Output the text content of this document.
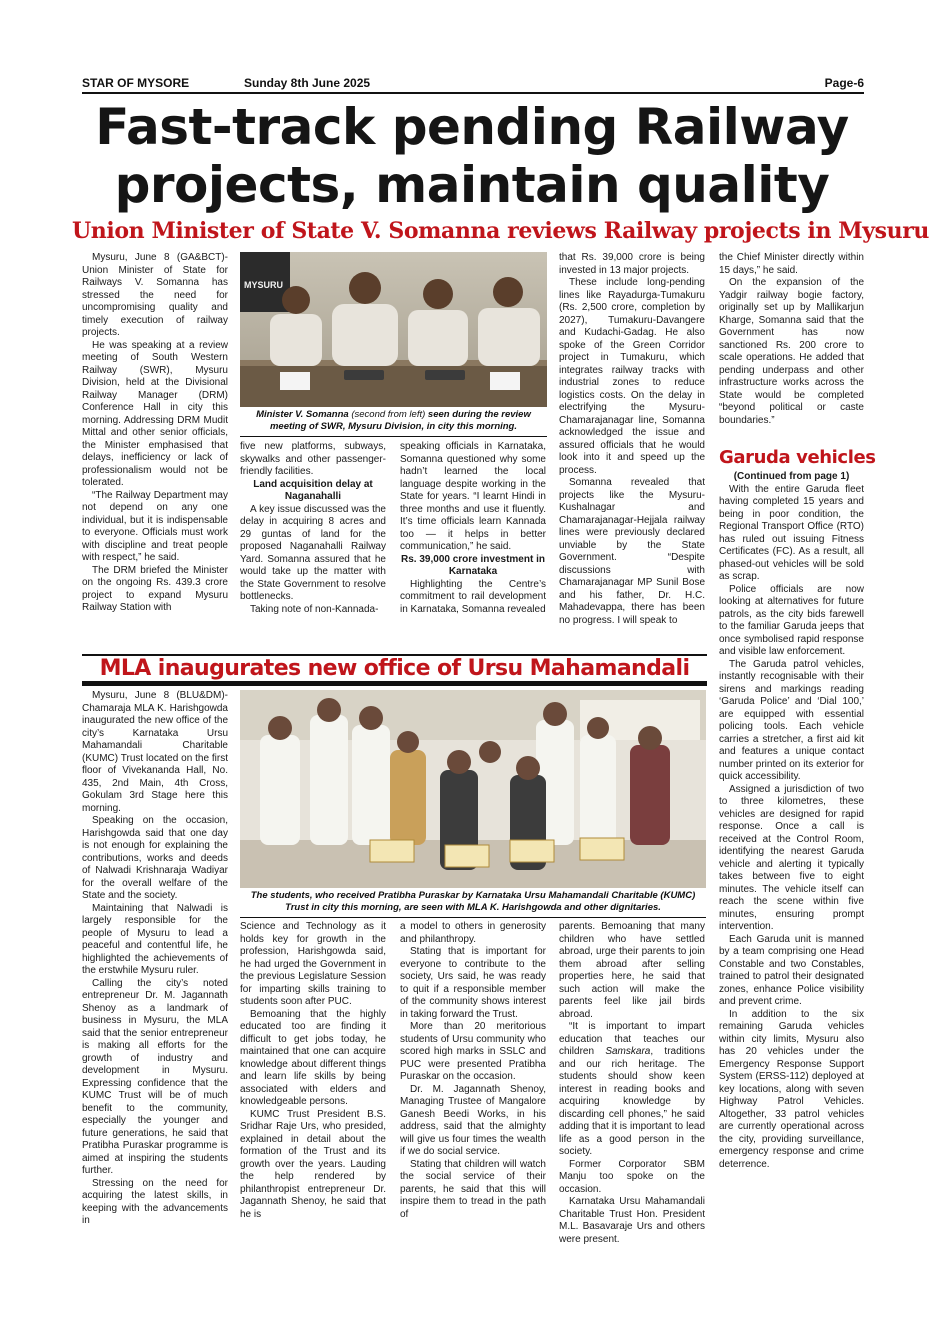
STAR OF MYSORE	Sunday 8th June 2025	Page-6
Fast-track pending Railway
projects, maintain quality
Union Minister of State V. Somanna reviews Railway projects in Mysuru

Mysuru, June 8 (GA&BCT)- Union Minister of State for Railways V. Somanna has stressed the need for uncompromising quality and timely execution of railway projects.

He was speaking at a review meeting of South Western Railway (SWR), Mysuru Division, held at the Divisional Railway Manager (DRM) Conference Hall in city this morning. Addressing DRM Mudit Mittal and other senior officials, the Minister emphasised that delays, inefficiency or lack of professionalism would not be tolerated.

“The Railway Department may not depend on any one individual, but it is indispensable to everyone. Officials must work with discipline and treat people with respect,” he said.

The DRM briefed the Minister on the ongoing Rs. 439.3 crore project to expand Mysuru Railway Station with

MYSURU
Minister V. Somanna (second from left) seen during the review meeting of SWR, Mysuru Division, in city this morning.

five new platforms, subways, skywalks and other passenger-friendly facilities.

Land acquisition delay at Naganahalli

A key issue discussed was the delay in acquiring 8 acres and 29 guntas of land for the proposed Naganahalli Railway Yard. Somanna assured that he would take up the matter with the State Government to resolve bottlenecks.

Taking note of non-Kannada-

speaking officials in Karnataka, Somanna questioned why some hadn’t learned the local language despite working in the State for years. “I learnt Hindi in three months and use it fluently. It’s time officials learn Kannada too — it helps in better communication,” he said.

Rs. 39,000 crore investment in Karnataka

Highlighting the Centre’s commitment to rail development in Karnataka, Somanna revealed

that Rs. 39,000 crore is being invested in 13 major projects.

These include long-pending lines like Rayadurga-Tumakuru (Rs. 2,500 crore, completion by 2027), Tumakuru-Davangere and Kudachi-Gadag. He also spoke of the Green Corridor project in Tumakuru, which integrates railway tracks with industrial zones to reduce logistics costs. On the delay in electrifying the Mysuru-Chamarajanagar line, Somanna acknowledged the issue and assured officials that he would look into it and speed up the process.

Somanna revealed that projects like the Mysuru-Kushalnagar and Chamarajanagar-Hejjala railway lines were previously declared unviable by the State Government. “Despite discussions with Chamarajanagar MP Sunil Bose and his father, Dr. H.C. Mahadevappa, there has been no progress. I will speak to

the Chief Minister directly within 15 days,” he said.

On the expansion of the Yadgir railway bogie factory, originally set up by Mallikarjun Kharge, Somanna said that the Government has now sanctioned Rs. 200 crore to scale operations. He added that pending underpass and other infrastructure works across the State would be completed “beyond political or caste boundaries.”

Garuda vehicles

(Continued from page 1)

With the entire Garuda fleet having completed 15 years and being in poor condition, the Regional Transport Office (RTO) has ruled out issuing Fitness Certificates (FC). As a result, all phased-out vehicles will be sold as scrap.

Police officials are now looking at alternatives for future patrols, as the city bids farewell to the familiar Garuda jeeps that once symbolised rapid response and visible law enforcement.

The Garuda patrol vehicles, instantly recognisable with their sirens and markings reading ‘Garuda Police’ and ‘Dial 100,’ are equipped with essential policing tools. Each vehicle carries a stretcher, a first aid kit and features a unique contact number printed on its exterior for quick accessibility.

Assigned a jurisdiction of two to three kilometres, these vehicles are designed for rapid response. Once a call is received at the Control Room, identifying the nearest Garuda vehicle and alerting it typically takes between five to eight minutes. The vehicle itself can reach the scene within five minutes, ensuring prompt intervention.

Each Garuda unit is manned by a team comprising one Head Constable and two Constables, trained to patrol their designated zones, enhance Police visibility and prevent crime.

In addition to the six remaining Garuda vehicles within city limits, Mysuru also has 20 vehicles under the Emergency Response Support System (ERSS-112) deployed at key locations, along with seven Highway Patrol Vehicles. Altogether, 33 patrol vehicles are currently operational across the city, providing surveillance, emergency response and crime deterrence.

MLA inaugurates new office of Ursu Mahamandali

Mysuru, June 8 (BLU&DM)- Chamaraja MLA K. Harishgowda inaugurated the new office of the city’s Karnataka Ursu Mahamandali Charitable (KUMC) Trust located on the first floor of Vivekananda Hall, No. 435, 2nd Main, 4th Cross, Gokulam 3rd Stage here this morning.

Speaking on the occasion, Harishgowda said that one day is not enough for explaining the contributions, works and deeds of Nalwadi Krishnaraja Wadiyar for the overall welfare of the State and the society.

Maintaining that Nalwadi is largely responsible for the people of Mysuru to lead a peaceful and contentful life, he highlighted the achievements of the erstwhile Mysuru ruler.

Calling the city’s noted entrepreneur Dr. M. Jagannath Shenoy as a landmark of business in Mysuru, the MLA said that the senior entrepreneur is making all efforts for the growth of industry and development in Mysuru. Expressing confidence that the KUMC Trust will be of much benefit to the community, especially the younger and future generations, he said that Pratibha Puraskar programme is aimed at inspiring the students further.

Stressing on the need for acquiring the latest skills, in keeping with the advancements in

The students, who received Pratibha Puraskar by Karnataka Ursu Mahamandali Charitable (KUMC) Trust in city this morning, are seen with MLA K. Harishgowda and other dignitaries.

Science and Technology as it holds key for growth in the profession, Harishgowda said, he had urged the Government in the previous Legislature Session for imparting skills training to students soon after PUC.

Bemoaning that the highly educated too are finding it difficult to get jobs today, he maintained that one can acquire knowledge about different things and learn life skills by being associated with elders and knowledgeable persons.

KUMC Trust President B.S. Sridhar Raje Urs, who presided, explained in detail about the formation of the Trust and its growth over the years. Lauding the help rendered by philanthropist entrepreneur Dr. Jagannath Shenoy, he said that he is

a model to others in generosity and philanthropy.

Stating that is important for everyone to contribute to the society, Urs said, he was ready to quit if a responsible member of the community shows interest in taking forward the Trust.

More than 20 meritorious students of Ursu community who scored high marks in SSLC and PUC were presented Pratibha Puraskar on the occasion.

Dr. M. Jagannath Shenoy, Managing Trustee of Mangalore Ganesh Beedi Works, in his address, said that the almighty will give us four times the wealth if we do social service.

Stating that children will watch the social service of their parents, he said that this will inspire them to tread in the path of

parents. Bemoaning that many children who have settled abroad, urge their parents to join them abroad after selling properties here, he said that such action will make the parents feel like jail birds abroad.

“It is important to impart education that teaches our children Samskara, traditions and our rich heritage. The students should show keen interest in reading books and acquiring knowledge by discarding cell phones,” he said adding that it is important to lead life as a good person in the society.

Former Corporator SBM Manju too spoke on the occasion.

Karnataka Ursu Mahamandali Charitable Trust Hon. President M.L. Basavaraje Urs and others were present.
